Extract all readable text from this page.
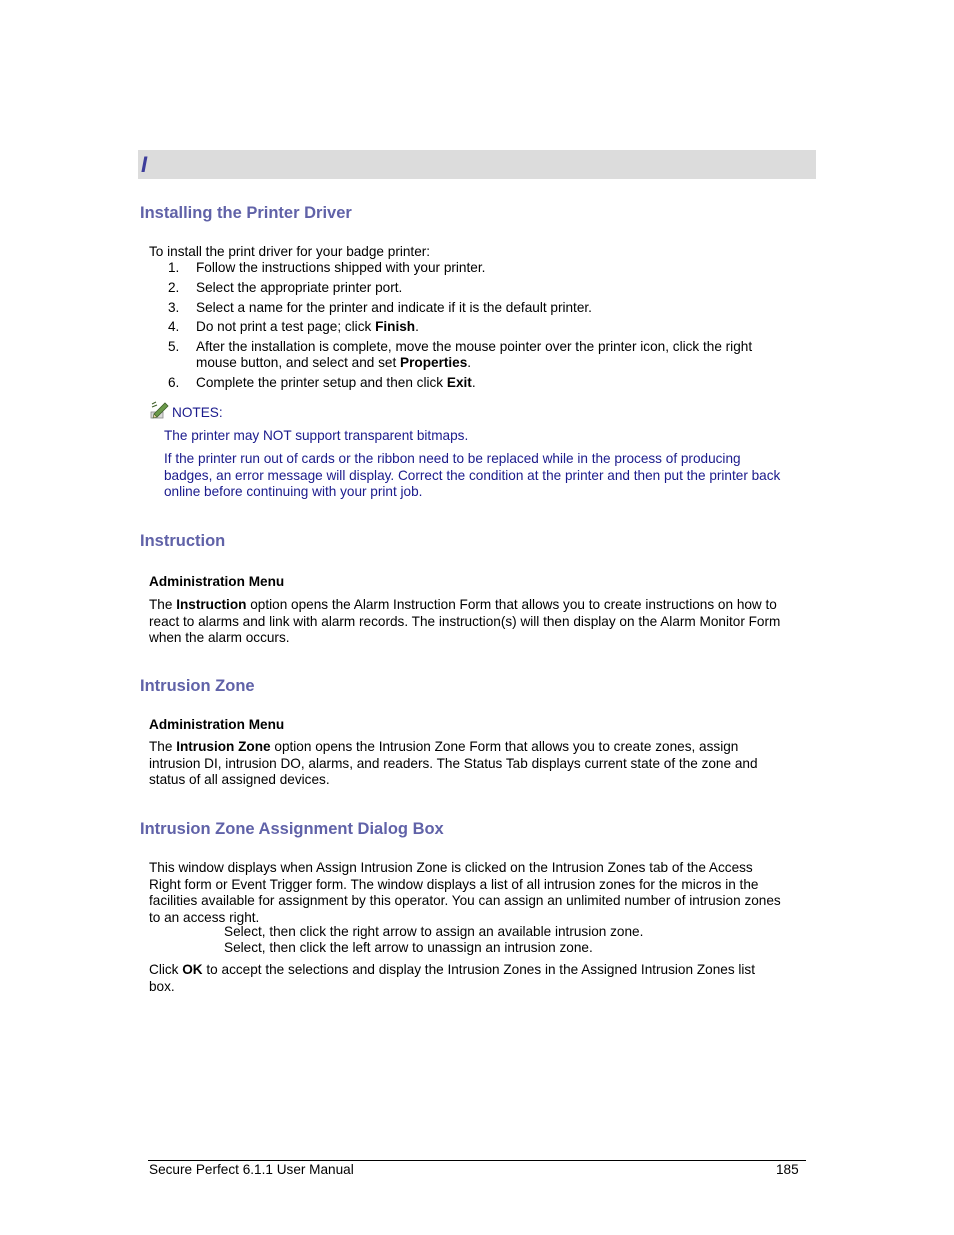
I
Installing the Printer Driver
To install the print driver for your badge printer:
1.	Follow the instructions shipped with your printer.
2.	Select the appropriate printer port.
3.	Select a name for the printer and indicate if it is the default printer.
4.	Do not print a test page; click Finish.
5.	After the installation is complete, move the mouse pointer over the printer icon, click the right
mouse button, and select and set Properties.
6.	Complete the printer setup and then click Exit.
NOTES:
The printer may NOT support transparent bitmaps.
If the printer run out of cards or the ribbon need to be replaced while in the process of producing
badges, an error message will display. Correct the condition at the printer and then put the printer back
online before continuing with your print job.
Instruction
Administration Menu
The Instruction option opens the Alarm Instruction Form that allows you to create instructions on how to
react to alarms and link with alarm records. The instruction(s) will then display on the Alarm Monitor Form
when the alarm occurs.
Intrusion Zone
Administration Menu
The Intrusion Zone option opens the Intrusion Zone Form that allows you to create zones, assign
intrusion DI, intrusion DO, alarms, and readers. The Status Tab displays current state of the zone and
status of all assigned devices.
Intrusion Zone Assignment Dialog Box
This window displays when Assign Intrusion Zone is clicked on the Intrusion Zones tab of the Access
Right form or Event Trigger form. The window displays a list of all intrusion zones for the micros in the
facilities available for assignment by this operator. You can assign an unlimited number of intrusion zones
to an access right.
Select, then click the right arrow to assign an available intrusion zone.
Select, then click the left arrow to unassign an intrusion zone.
Click OK to accept the selections and display the Intrusion Zones in the Assigned Intrusion Zones list
box.
Secure Perfect 6.1.1 User Manual	185
